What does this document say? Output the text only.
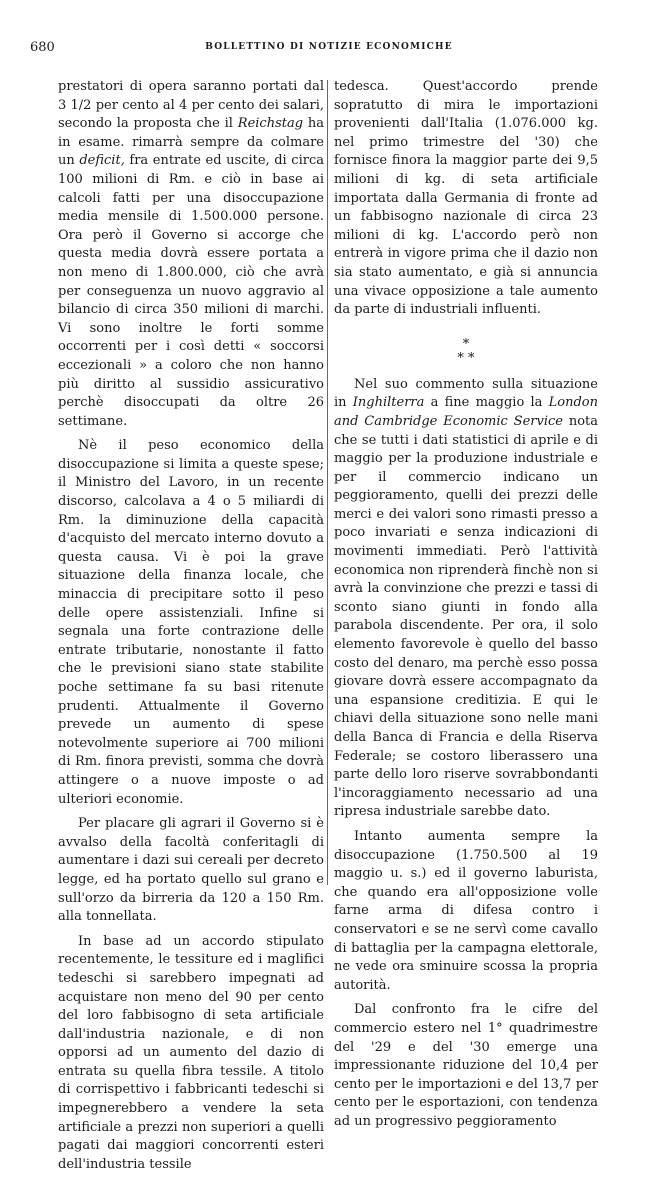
680	BOLLETTINO DI NOTIZIE ECONOMICHE

prestatori di opera saranno portati dal 3 1/2 per cento al 4 per cento dei salari, secondo la proposta che il Reichstag ha in esame. rimarrà sempre da colmare un deficit, fra entrate ed uscite, di circa 100 milioni di Rm. e ciò in base ai calcoli fatti per una disoccupazione media mensile di 1.500.000 persone. Ora però il Governo si accorge che questa media dovrà essere portata a non meno di 1.800.000, ciò che avrà per conseguenza un nuovo aggravio al bilancio di circa 350 milioni di marchi. Vi sono inoltre le forti somme occorrenti per i così detti « soccorsi eccezionali » a coloro che non hanno più diritto al sussidio assicurativo perchè disoccupati da oltre 26 settimane.

Nè il peso economico della disoccupazione si limita a queste spese; il Ministro del Lavoro, in un recente discorso, calcolava a 4 o 5 miliardi di Rm. la diminuzione della capacità d'acquisto del mercato interno dovuto a questa causa. Vi è poi la grave situazione della finanza locale, che minaccia di precipitare sotto il peso delle opere assistenziali. Infine si segnala una forte contrazione delle entrate tributarie, nonostante il fatto che le previsioni siano state stabilite poche settimane fa su basi ritenute prudenti. Attualmente il Governo prevede un aumento di spese notevolmente superiore ai 700 milioni di Rm. finora previsti, somma che dovrà attingere o a nuove imposte o ad ulteriori economie.

Per placare gli agrari il Governo si è avvalso della facoltà conferitagli di aumentare i dazi sui cereali per decreto legge, ed ha portato quello sul grano e sull'orzo da birreria da 120 a 150 Rm. alla tonnellata.

In base ad un accordo stipulato recentemente, le tessiture ed i maglifici tedeschi si sarebbero impegnati ad acquistare non meno del 90 per cento del loro fabbisogno di seta artificiale dall'industria nazionale, e di non opporsi ad un aumento del dazio di entrata su quella fibra tessile. A titolo di corrispettivo i fabbricanti tedeschi si impegnerebbero a vendere la seta artificiale a prezzi non superiori a quelli pagati dai maggiori concorrenti esteri dell'industria tessile

tedesca. Quest'accordo prende sopratutto di mira le importazioni provenienti dall'Italia (1.076.000 kg. nel primo trimestre del '30) che fornisce finora la maggior parte dei 9,5 milioni di kg. di seta artificiale importata dalla Germania di fronte ad un fabbisogno nazionale di circa 23 milioni di kg. L'accordo però non entrerà in vigore prima che il dazio non sia stato aumentato, e già si annuncia una vivace opposizione a tale aumento da parte di industriali influenti.

*
* *

Nel suo commento sulla situazione in Inghilterra a fine maggio la London and Cambridge Economic Service nota che se tutti i dati statistici di aprile e di maggio per la produzione industriale e per il commercio indicano un peggioramento, quelli dei prezzi delle merci e dei valori sono rimasti presso a poco invariati e senza indicazioni di movimenti immediati. Però l'attività economica non riprenderà finchè non si avrà la convinzione che prezzi e tassi di sconto siano giunti in fondo alla parabola discendente. Per ora, il solo elemento favorevole è quello del basso costo del denaro, ma perchè esso possa giovare dovrà essere accompagnato da una espansione creditizia. E qui le chiavi della situazione sono nelle mani della Banca di Francia e della Riserva Federale; se costoro liberassero una parte dello loro riserve sovrabbondanti l'incoraggiamento necessario ad una ripresa industriale sarebbe dato.

Intanto aumenta sempre la disoccupazione (1.750.500 al 19 maggio u. s.) ed il governo laburista, che quando era all'opposizione volle farne arma di difesa contro i conservatori e se ne servì come cavallo di battaglia per la campagna elettorale, ne vede ora sminuire scossa la propria autorità.

Dal confronto fra le cifre del commercio estero nel 1° quadrimestre del '29 e del '30 emerge una impressionante riduzione del 10,4 per cento per le importazioni e del 13,7 per cento per le esportazioni, con tendenza ad un progressivo peggioramento
